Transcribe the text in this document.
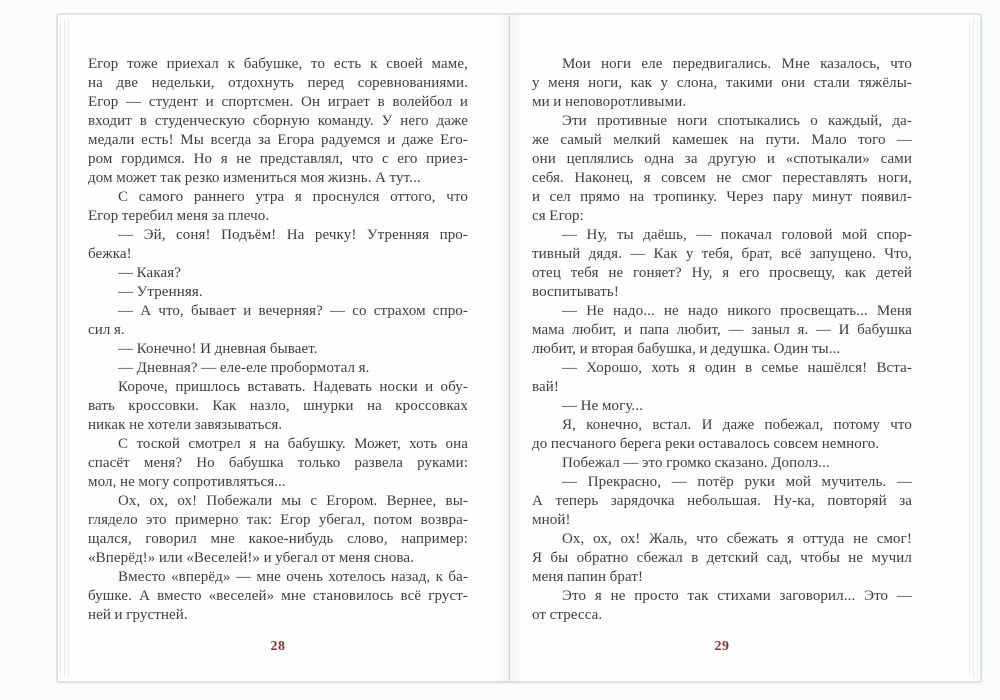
Егор тоже приехал к бабушке, то есть к своей маме,
на две недельки, отдохнуть перед соревнованиями.
Егор — студент и спортсмен. Он играет в волейбол и
входит в студенческую сборную команду. У него даже
медали есть! Мы всегда за Егора радуемся и даже Его-
ром гордимся. Но я не представлял, что с его приез-
дом может так резко измениться моя жизнь. А тут...
С самого раннего утра я проснулся оттого, что
Егор теребил меня за плечо.
— Эй, соня! Подъём! На речку! Утренняя про-
бежка!
— Какая?
— Утренняя.
— А что, бывает и вечерняя? — со страхом спро-
сил я.
— Конечно! И дневная бывает.
— Дневная? — еле-еле пробормотал я.
Короче, пришлось вставать. Надевать носки и обу-
вать кроссовки. Как назло, шнурки на кроссовках
никак не хотели завязываться.
С тоской смотрел я на бабушку. Может, хоть она
спасёт меня? Но бабушка только развела руками:
мол, не могу сопротивляться...
Ох, ох, ох! Побежали мы с Егором. Вернее, вы-
глядело это примерно так: Егор убегал, потом возвра-
щался, говорил мне какое-нибудь слово, например:
«Вперёд!» или «Веселей!» и убегал от меня снова.
Вместо «вперёд» — мне очень хотелось назад, к ба-
бушке. А вместо «веселей» мне становилось всё груст-
ней и грустней.
28
Мои ноги еле передвигались. Мне казалось, что
у меня ноги, как у слона, такими они стали тяжёлы-
ми и неповоротливыми.
Эти противные ноги спотыкались о каждый, да-
же самый мелкий камешек на пути. Мало того —
они цеплялись одна за другую и «спотыкали» сами
себя. Наконец, я совсем не смог переставлять ноги,
и сел прямо на тропинку. Через пару минут появил-
ся Егор:
— Ну, ты даёшь, — покачал головой мой спор-
тивный дядя. — Как у тебя, брат, всё запущено. Что,
отец тебя не гоняет? Ну, я его просвещу, как детей
воспитывать!
— Не надо... не надо никого просвещать... Меня
мама любит, и папа любит, — заныл я. — И бабушка
любит, и вторая бабушка, и дедушка. Один ты...
— Хорошо, хоть я один в семье нашёлся! Вста-
вай!
— Не могу...
Я, конечно, встал. И даже побежал, потому что
до песчаного берега реки оставалось совсем немного.
Побежал — это громко сказано. Дополз...
— Прекрасно, — потёр руки мой мучитель. —
А теперь зарядочка небольшая. Ну-ка, повторяй за
мной!
Ох, ох, ох! Жаль, что сбежать я оттуда не смог!
Я бы обратно сбежал в детский сад, чтобы не мучил
меня папин брат!
Это я не просто так стихами заговорил... Это —
от стресса.
29
